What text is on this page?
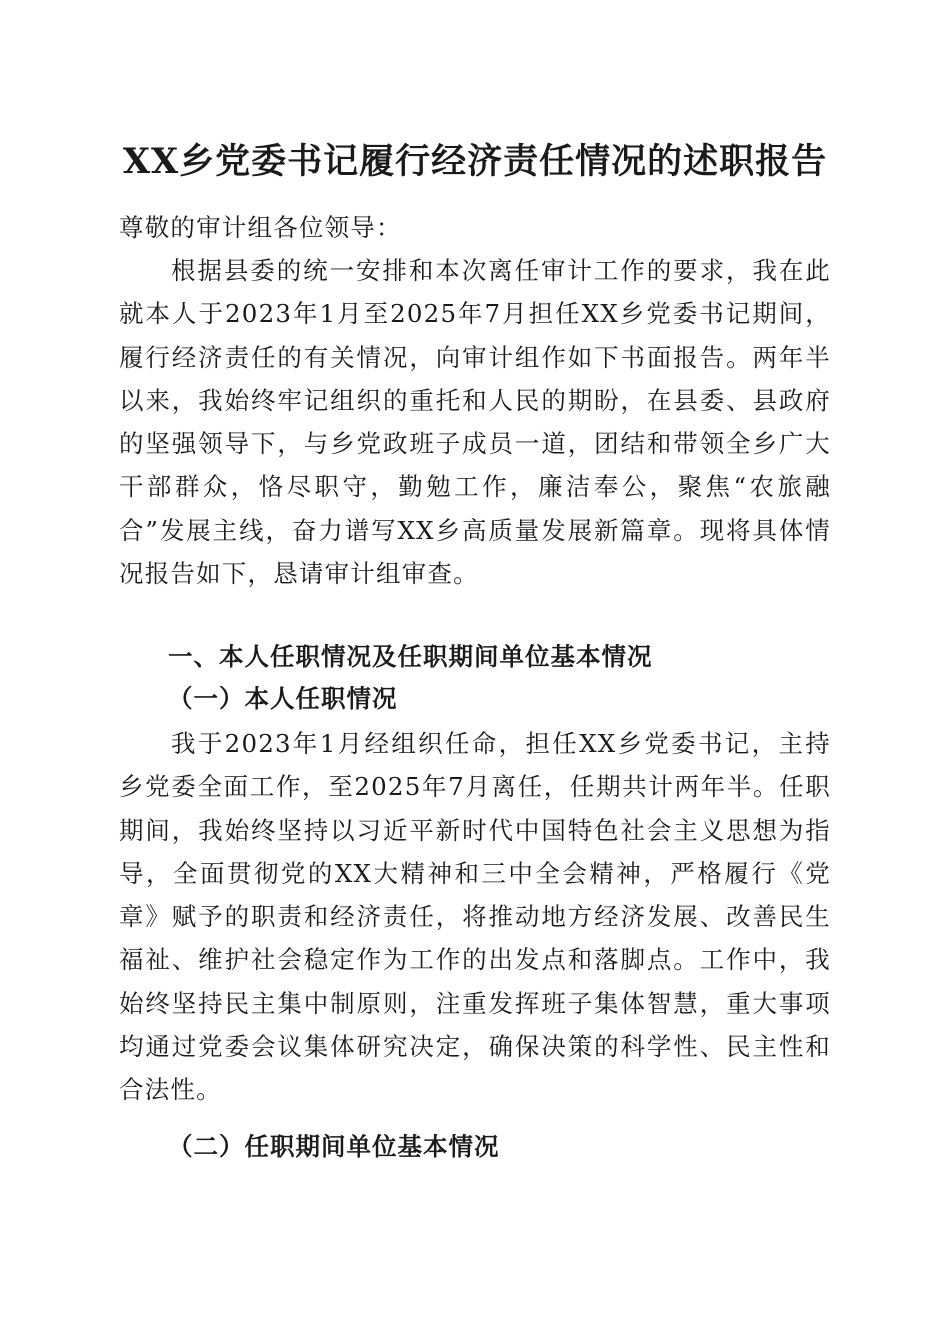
XX乡党委书记履行经济责任情况的述职报告

尊敬的审计组各位领导：

根据县委的统一安排和本次离任审计工作的要求，我在此就本人于2023年1月至2025年7月担任XX乡党委书记期间，履行经济责任的有关情况，向审计组作如下书面报告。两年半以来，我始终牢记组织的重托和人民的期盼，在县委、县政府的坚强领导下，与乡党政班子成员一道，团结和带领全乡广大干部群众，恪尽职守，勤勉工作，廉洁奉公，聚焦“农旅融合”发展主线，奋力谱写XX乡高质量发展新篇章。现将具体情况报告如下，恳请审计组审查。

一、本人任职情况及任职期间单位基本情况
（一）本人任职情况

我于2023年1月经组织任命，担任XX乡党委书记，主持乡党委全面工作，至2025年7月离任，任期共计两年半。任职期间，我始终坚持以习近平新时代中国特色社会主义思想为指导，全面贯彻党的XX大精神和三中全会精神，严格履行《党章》赋予的职责和经济责任，将推动地方经济发展、改善民生福祉、维护社会稳定作为工作的出发点和落脚点。工作中，我始终坚持民主集中制原则，注重发挥班子集体智慧，重大事项均通过党委会议集体研究决定，确保决策的科学性、民主性和合法性。

（二）任职期间单位基本情况
